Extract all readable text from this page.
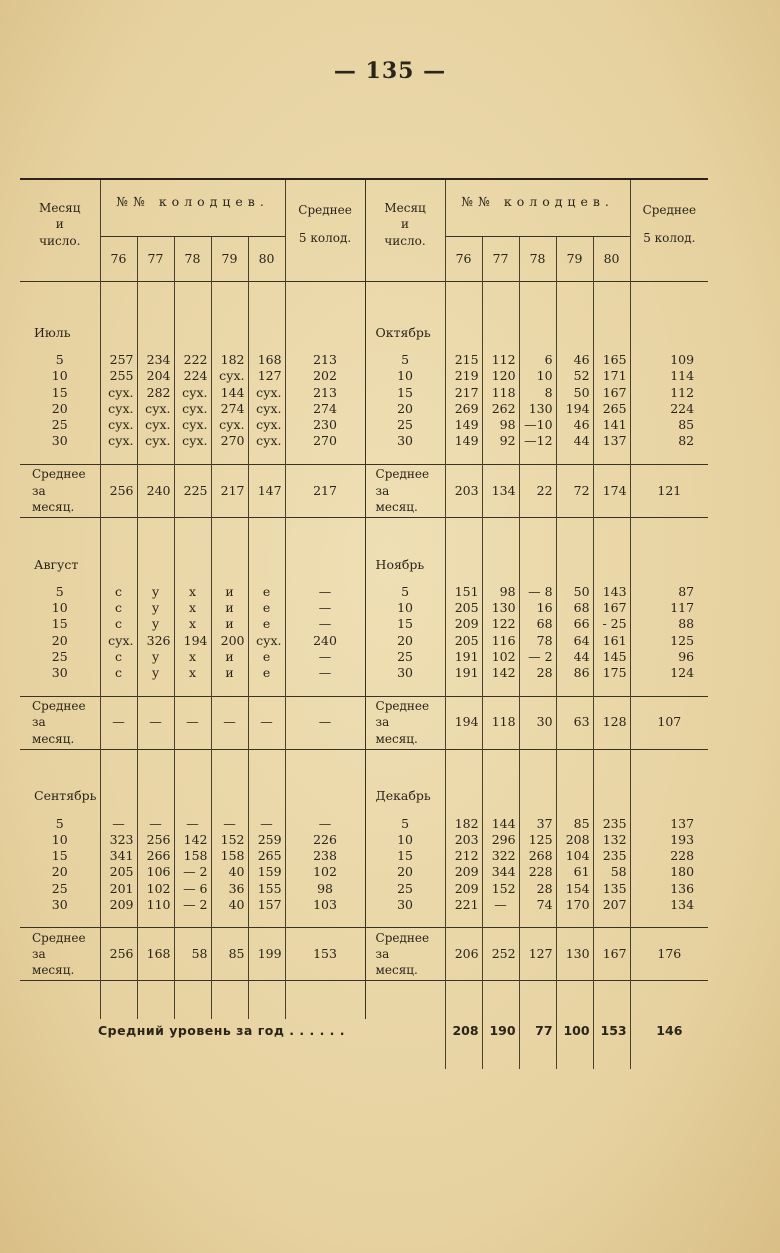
— 135 —
Месяц
и
число.	№№ колодцев.					Среднее
5 колод.	Месяц
и
число.	№№ колодцев.					Среднее
5 колод.
	76	77	78	79	80			76	77	78	79	80	

Июль							Октябрь						

5	257	234	222	182	168	213	5	215	112	6	46	165	109
10	255	204	224	сух.	127	202	10	219	120	10	52	171	114
15	сух.	282	сух.	144	сух.	213	15	217	118	8	50	167	112
20	сух.	сух.	сух.	274	сух.	274	20	269	262	130	194	265	224
25	сух.	сух.	сух.	сух.	сух.	230	25	149	98	—10	46	141	85
30	сух.	сух.	сух.	270	сух.	270	30	149	92	—12	44	137	82

Среднее
за
месяц.	256	240	225	217	147	217	Среднее
за
месяц.	203	134	22	72	174	121

Август							Ноябрь						

5	с	у	х	и	е	—	5	151	98	— 8	50	143	87
10	с	у	х	и	е	—	10	205	130	16	68	167	117
15	с	у	х	и	е	—	15	209	122	68	66	- 25	88
20	сух.	326	194	200	сух.	240	20	205	116	78	64	161	125
25	с	у	х	и	е	—	25	191	102	— 2	44	145	96
30	с	у	х	и	е	—	30	191	142	28	86	175	124

Среднее
за
месяц.	—	—	—	—	—	—	Среднее
за
месяц.	194	118	30	63	128	107

Сентябрь							Декабрь						

5	—	—	—	—	—	—	5	182	144	37	85	235	137
10	323	256	142	152	259	226	10	203	296	125	208	132	193
15	341	266	158	158	265	238	15	212	322	268	104	235	228
20	205	106	— 2	40	159	102	20	209	344	228	61	58	180
25	201	102	— 6	36	155	98	25	209	152	28	154	135	136
30	209	110	— 2	40	157	103	30	221	—	74	170	207	134

Среднее
за
месяц.	256	168	58	85	199	153	Среднее
за
месяц.	206	252	127	130	167	176

Средний уровень за год . . . . . .								208	190	77	100	153	146
